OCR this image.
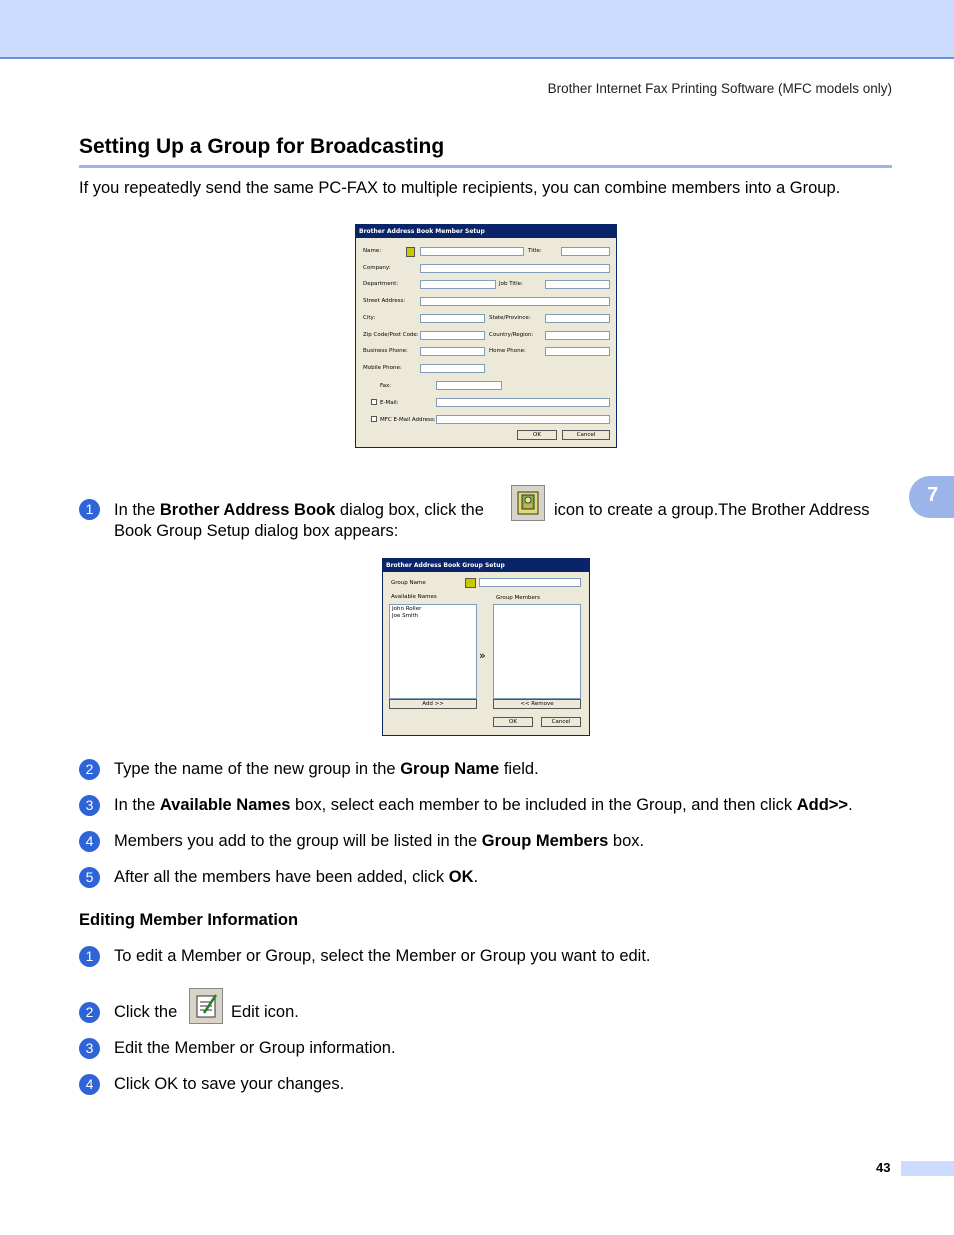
Brother Internet Fax Printing Software (MFC models only)
Setting Up a Group for Broadcasting
If you repeatedly send the same PC-FAX to multiple recipients, you can combine members into a Group.
7
Brother Address Book Member Setup
Name:	Title:
Company:
Department:	Job Title:
Street Address:
City:	State/Province:
Zip Code/Post Code:	Country/Region:
Business Phone:	Home Phone:
Mobile Phone:
Fax:
E-Mail:
MFC E-Mail Address:
OK	Cancel
1	In the Brother Address Book dialog box, click the	icon to create a group.The Brother Address
Book Group Setup dialog box appears:
Brother Address Book Group Setup
Group Name
Available Names	Group Members
John Roller
Joe Smith
»
Add >>	<< Remove
OK	Cancel
2	Type the name of the new group in the Group Name field.
3	In the Available Names box, select each member to be included in the Group, and then click Add>>.
4	Members you add to the group will be listed in the Group Members box.
5	After all the members have been added, click OK.
Editing Member Information
1	To edit a Member or Group, select the Member or Group you want to edit.
2	Click the	Edit icon.
3	Edit the Member or Group information.
4	Click OK to save your changes.
43
